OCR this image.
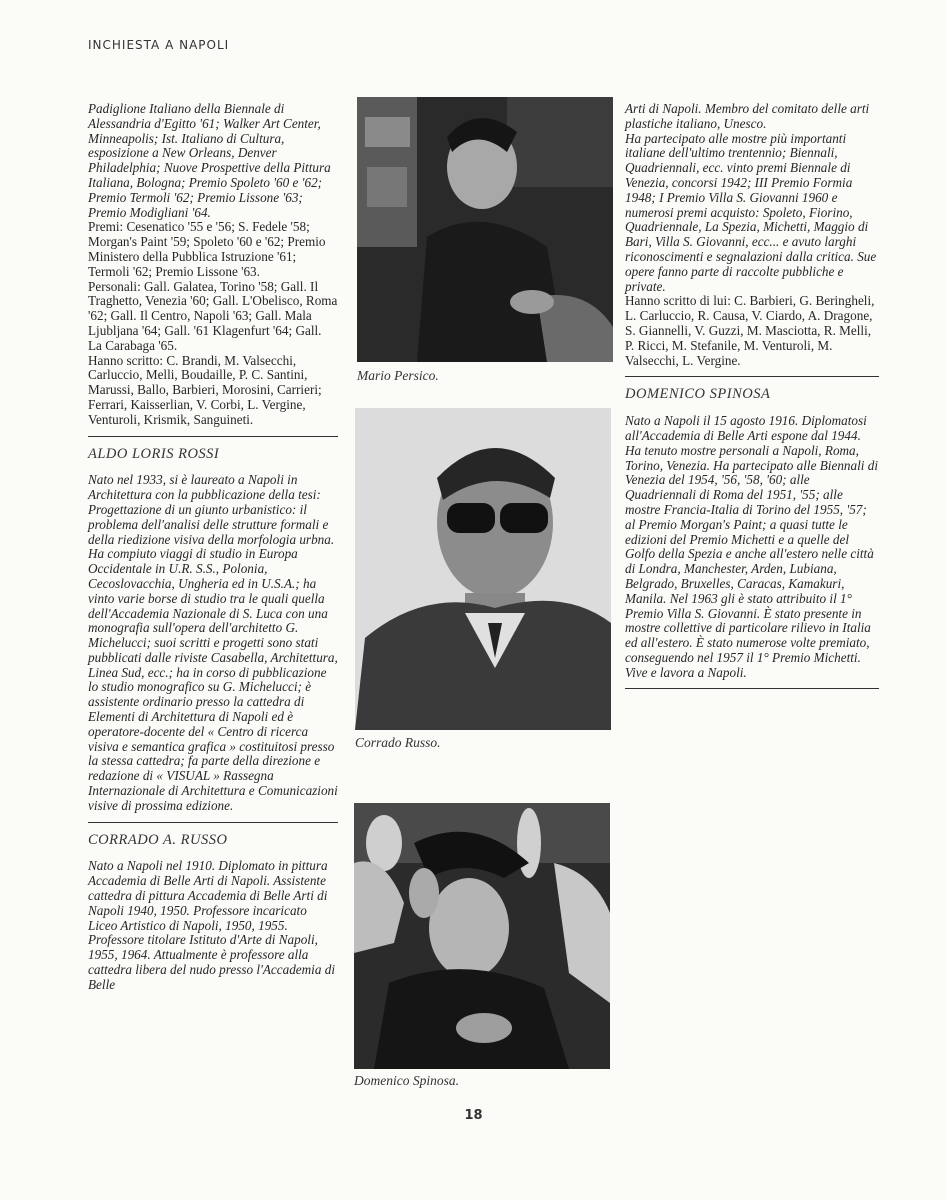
INCHIESTA A NAPOLI

Padiglione Italiano della Biennale di Alessandria d'Egitto '61; Walker Art Center, Minneapolis; Ist. Italiano di Cultura, esposizione a New Orleans, Denver Philadelphia; Nuove Prospettive della Pittura Italiana, Bologna; Premio Spoleto '60 e '62; Premio Termoli '62; Premio Lissone '63; Premio Modigliani '64.

Premi: Cesenatico '55 e '56; S. Fedele '58; Morgan's Paint '59; Spoleto '60 e '62; Premio Ministero della Pubblica Istruzione '61; Termoli '62; Premio Lissone '63.

Personali: Gall. Galatea, Torino '58; Gall. Il Traghetto, Venezia '60; Gall. L'Obelisco, Roma '62; Gall. Il Centro, Napoli '63; Gall. Mala Ljubljana '64; Gall. '61 Klagenfurt '64; Gall. La Carabaga '65.

Hanno scritto: C. Brandi, M. Valsecchi, Carluccio, Melli, Boudaille, P. C. Santini, Marussi, Ballo, Barbieri, Morosini, Carrieri; Ferrari, Kaisserlian, V. Corbi, L. Vergine, Venturoli, Krismik, Sanguineti.

ALDO LORIS ROSSI

Nato nel 1933, si è laureato a Napoli in Architettura con la pubblicazione della tesi: Progettazione di un giunto urbanistico: il problema dell'analisi delle strutture formali e della riedizione visiva della morfologia urbna. Ha compiuto viaggi di studio in Europa Occidentale in U.R. S.S., Polonia, Cecoslovacchia, Ungheria ed in U.S.A.; ha vinto varie borse di studio tra le quali quella dell'Accademia Nazionale di S. Luca con una monografia sull'opera dell'architetto G. Michelucci; suoi scritti e progetti sono stati pubblicati dalle riviste Casabella, Architettura, Linea Sud, ecc.; ha in corso di pubblicazione lo studio monografico su G. Michelucci; è assistente ordinario presso la cattedra di Elementi di Architettura di Napoli ed è operatore-docente del « Centro di ricerca visiva e semantica grafica » costituitosi presso la stessa cattedra; fa parte della direzione e redazione di « VISUAL » Rassegna Internazionale di Architettura e Comunicazioni visive di prossima edizione.

CORRADO A. RUSSO

Nato a Napoli nel 1910. Diplomato in pittura Accademia di Belle Arti di Napoli. Assistente cattedra di pittura Accademia di Belle Arti di Napoli 1940, 1950. Professore incaricato Liceo Artistico di Napoli, 1950, 1955. Professore titolare Istituto d'Arte di Napoli, 1955, 1964. Attualmente è professore alla cattedra libera del nudo presso l'Accademia di Belle

Mario Persico.
Corrado Russo.
Domenico Spinosa.

Arti di Napoli. Membro del comitato delle arti plastiche italiano, Unesco.

Ha partecipato alle mostre più importanti italiane dell'ultimo trentennio; Biennali, Quadriennali, ecc. vinto premi Biennale di Venezia, concorsi 1942; III Premio Formia 1948; I Premio Villa S. Giovanni 1960 e numerosi premi acquisto: Spoleto, Fiorino, Quadriennale, La Spezia, Michetti, Maggio di Bari, Villa S. Giovanni, ecc... e avuto larghi riconoscimenti e segnalazioni dalla critica. Sue opere fanno parte di raccolte pubbliche e private.

Hanno scritto di lui: C. Barbieri, G. Beringheli, L. Carluccio, R. Causa, V. Ciardo, A. Dragone, S. Giannelli, V. Guzzi, M. Masciotta, R. Melli, P. Ricci, M. Stefanile, M. Venturoli, M. Valsecchi, L. Vergine.

DOMENICO SPINOSA

Nato a Napoli il 15 agosto 1916. Diplomatosi all'Accademia di Belle Arti espone dal 1944. Ha tenuto mostre personali a Napoli, Roma, Torino, Venezia. Ha partecipato alle Biennali di Venezia del 1954, '56, '58, '60; alle Quadriennali di Roma del 1951, '55; alle mostre Francia-Italia di Torino del 1955, '57; al Premio Morgan's Paint; a quasi tutte le edizioni del Premio Michetti e a quelle del Golfo della Spezia e anche all'estero nelle città di Londra, Manchester, Arden, Lubiana, Belgrado, Bruxelles, Caracas, Kamakuri, Manila. Nel 1963 gli è stato attribuito il 1° Premio Villa S. Giovanni. È stato presente in mostre collettive di particolare rilievo in Italia ed all'estero. È stato numerose volte premiato, conseguendo nel 1957 il 1° Premio Michetti. Vive e lavora a Napoli.

18
